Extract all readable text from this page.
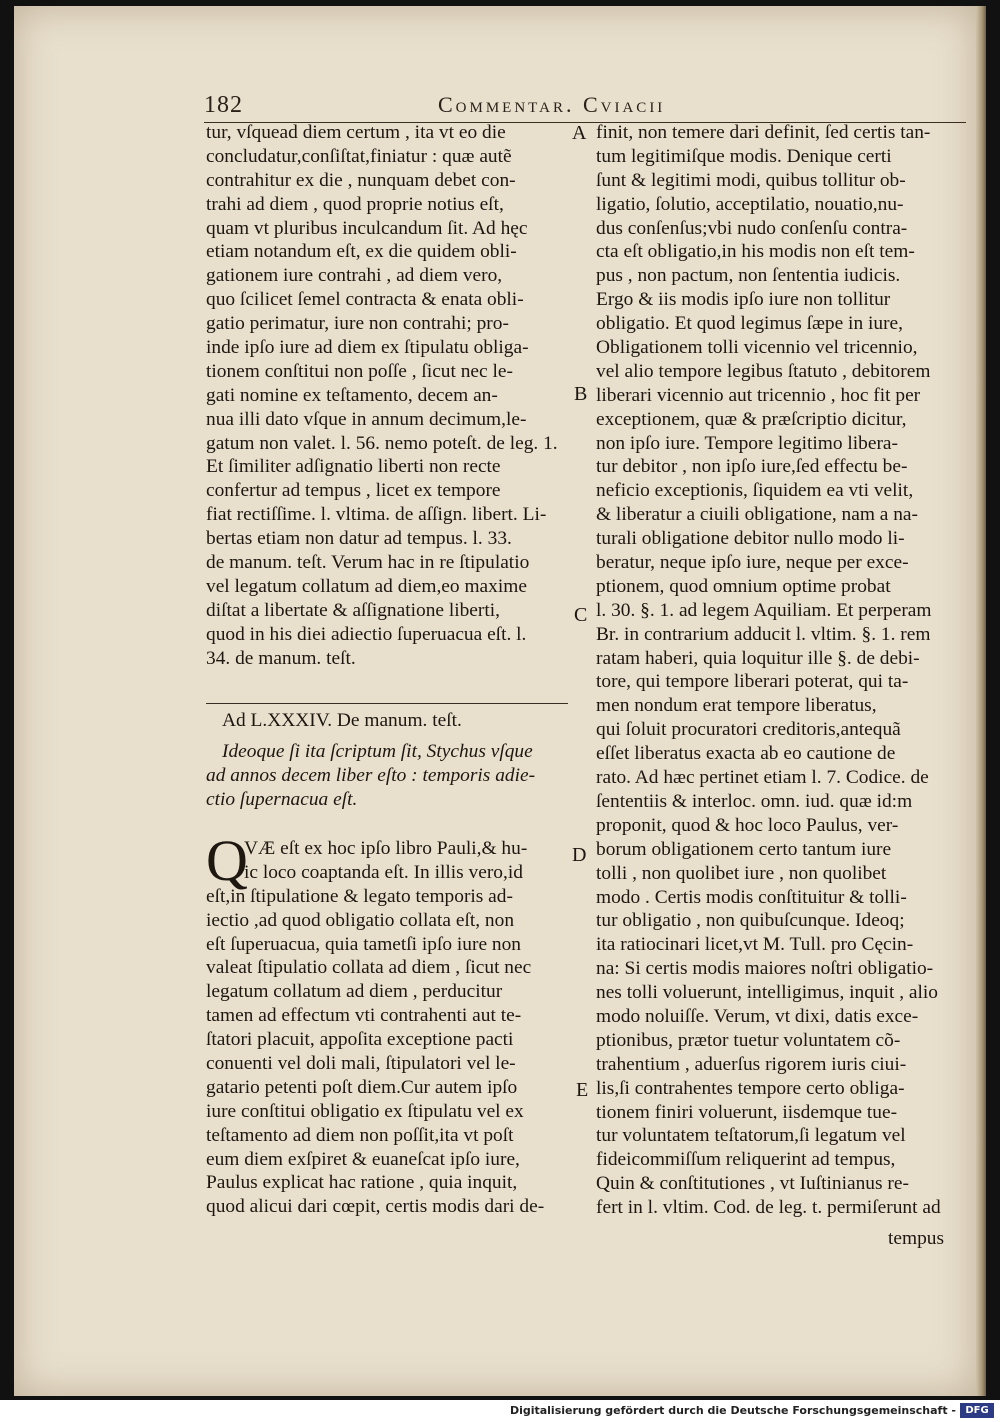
182	Commentar. Cviacii
tur, vſquead diem certum , ita vt eo die
concludatur,conſiſtat,finiatur : quæ autẽ
contrahitur ex die , nunquam debet con-
trahi ad diem , quod proprie notius eſt,
quam vt pluribus inculcandum ſit. Ad hęc
etiam notandum eſt, ex die quidem obli-
gationem iure contrahi , ad diem vero,
quo ſcilicet ſemel contracta & enata obli-
gatio perimatur, iure non contrahi; pro-
inde ipſo iure ad diem ex ſtipulatu obliga-
tionem conſtitui non poſſe , ſicut nec le-
gati nomine ex teſtamento, decem an-
nua illi dato vſque in annum decimum,le-
gatum non valet. l. 56. nemo poteſt. de leg. 1.
Et ſimiliter adſignatio liberti non recte
confertur ad tempus , licet ex tempore
fiat rectiſſime. l. vltima. de aſſign. libert. Li-
bertas etiam non datur ad tempus. l. 33.
de manum. teſt. Verum hac in re ſtipulatio
vel legatum collatum ad diem,eo maxime
diſtat a libertate & aſſignatione liberti,
quod in his diei adiectio ſuperuacua eſt. l.
34. de manum. teſt.
Ad L.XXXIV. De manum. teſt.
Ideoque ſi ita ſcriptum ſit, Stychus vſque
ad annos decem liber eſto : temporis adie-
ctio ſupernacua eſt.
Q
VÆ eſt ex hoc ipſo libro Pauli,& hu-
ic loco coaptanda eſt. In illis vero,id
eſt,in ſtipulatione & legato temporis ad-
iectio ,ad quod obligatio collata eſt, non
eſt ſuperuacua, quia tametſi ipſo iure non
valeat ſtipulatio collata ad diem , ſicut nec
legatum collatum ad diem , perducitur
tamen ad effectum vti contrahenti aut te-
ſtatori placuit, appoſita exceptione pacti
conuenti vel doli mali, ſtipulatori vel le-
gatario petenti poſt diem.Cur autem ipſo
iure conſtitui obligatio ex ſtipulatu vel ex
teſtamento ad diem non poſſit,ita vt poſt
eum diem exſpiret & euaneſcat ipſo iure,
Paulus explicat hac ratione , quia inquit,
quod alicui dari cœpit, certis modis dari de-
finit, non temere dari definit, ſed certis tan-
tum legitimiſque modis. Denique certi
ſunt & legitimi modi, quibus tollitur ob-
ligatio, ſolutio, acceptilatio, nouatio,nu-
dus conſenſus;vbi nudo conſenſu contra-
cta eſt obligatio,in his modis non eſt tem-
pus , non pactum, non ſententia iudicis.
Ergo & iis modis ipſo iure non tollitur
obligatio. Et quod legimus ſæpe in iure,
Obligationem tolli vicennio vel tricennio,
vel alio tempore legibus ſtatuto , debitorem
liberari vicennio aut tricennio , hoc fit per
exceptionem, quæ & præſcriptio dicitur,
non ipſo iure. Tempore legitimo libera-
tur debitor , non ipſo iure,ſed effectu be-
neficio exceptionis, ſiquidem ea vti velit,
& liberatur a ciuili obligatione, nam a na-
turali obligatione debitor nullo modo li-
beratur, neque ipſo iure, neque per exce-
ptionem, quod omnium optime probat
l. 30. §. 1. ad legem Aquiliam. Et perperam
Br. in contrarium adducit l. vltim. §. 1. rem
ratam haberi, quia loquitur ille §. de debi-
tore, qui tempore liberari poterat, qui ta-
men nondum erat tempore liberatus,
qui ſoluit procuratori creditoris,antequã
eſſet liberatus exacta ab eo cautione de
rato. Ad hæc pertinet etiam l. 7. Codice. de
ſententiis & interloc. omn. iud. quæ id:m
proponit, quod & hoc loco Paulus, ver-
borum obligationem certo tantum iure
tolli , non quolibet iure , non quolibet
modo . Certis modis conſtituitur & tolli-
tur obligatio , non quibuſcunque. Ideoq;
ita ratiocinari licet,vt M. Tull. pro Cęcin-
na: Si certis modis maiores noſtri obligatio-
nes tolli voluerunt, intelligimus, inquit , alio
modo noluiſſe. Verum, vt dixi, datis exce-
ptionibus, prætor tuetur voluntatem cõ-
trahentium , aduerſus rigorem iuris ciui-
lis,ſi contrahentes tempore certo obliga-
tionem finiri voluerunt, iisdemque tue-
tur voluntatem teſtatorum,ſi legatum vel
fideicommiſſum reliquerint ad tempus,
Quin & conſtitutiones , vt Iuſtinianus re-
fert in l. vltim. Cod. de leg. t. permiſerunt ad
A
B
C
D
E
tempus
Digitalisierung gefördert durch die Deutsche Forschungsgemeinschaft - DFG
